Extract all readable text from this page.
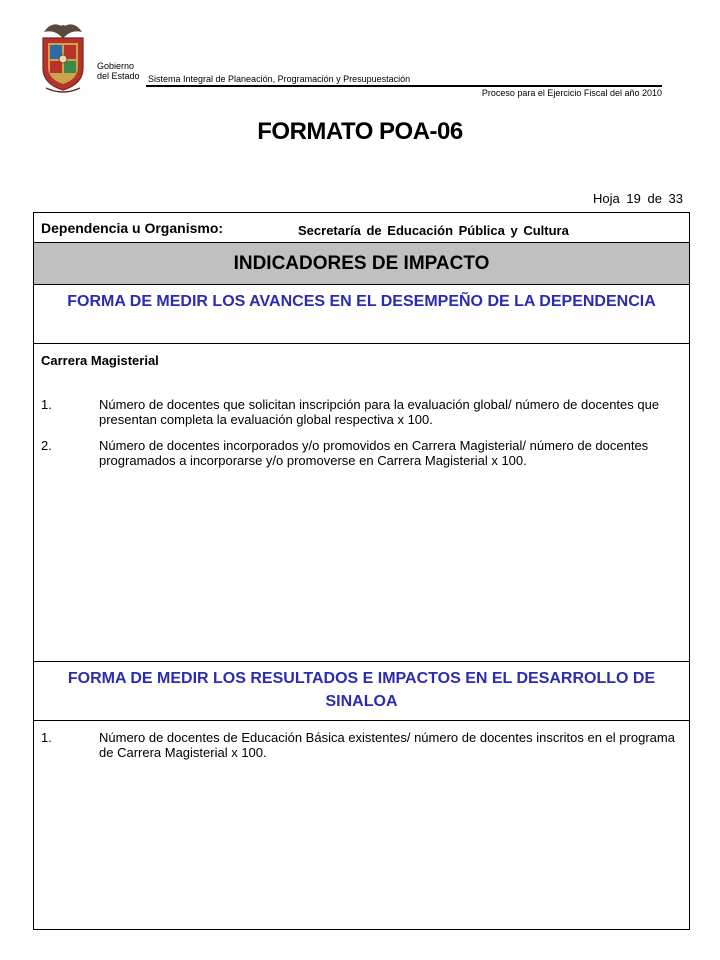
Gobierno
del Estado Sistema Integral de Planeación, Programación y Presupuestación
Proceso para el Ejercicio Fiscal del año 2010
FORMATO POA-06
Hoja 19 de 33
Dependencia u Organismo:	Secretaría de Educación Pública y Cultura
INDICADORES DE IMPACTO
FORMA DE MEDIR LOS AVANCES EN EL DESEMPEÑO DE LA DEPENDENCIA
Carrera Magisterial
1.	Número de docentes que solicitan inscripción para la evaluación global/ número de docentes que presentan completa la evaluación global respectiva x 100.
2.	Número de docentes incorporados y/o promovidos en Carrera Magisterial/ número de docentes programados a incorporarse y/o promoverse en Carrera Magisterial x 100.
FORMA DE MEDIR LOS RESULTADOS E IMPACTOS EN EL DESARROLLO DE SINALOA
1.	Número de docentes de Educación Básica existentes/ número de docentes inscritos en el programa de Carrera Magisterial x 100.
